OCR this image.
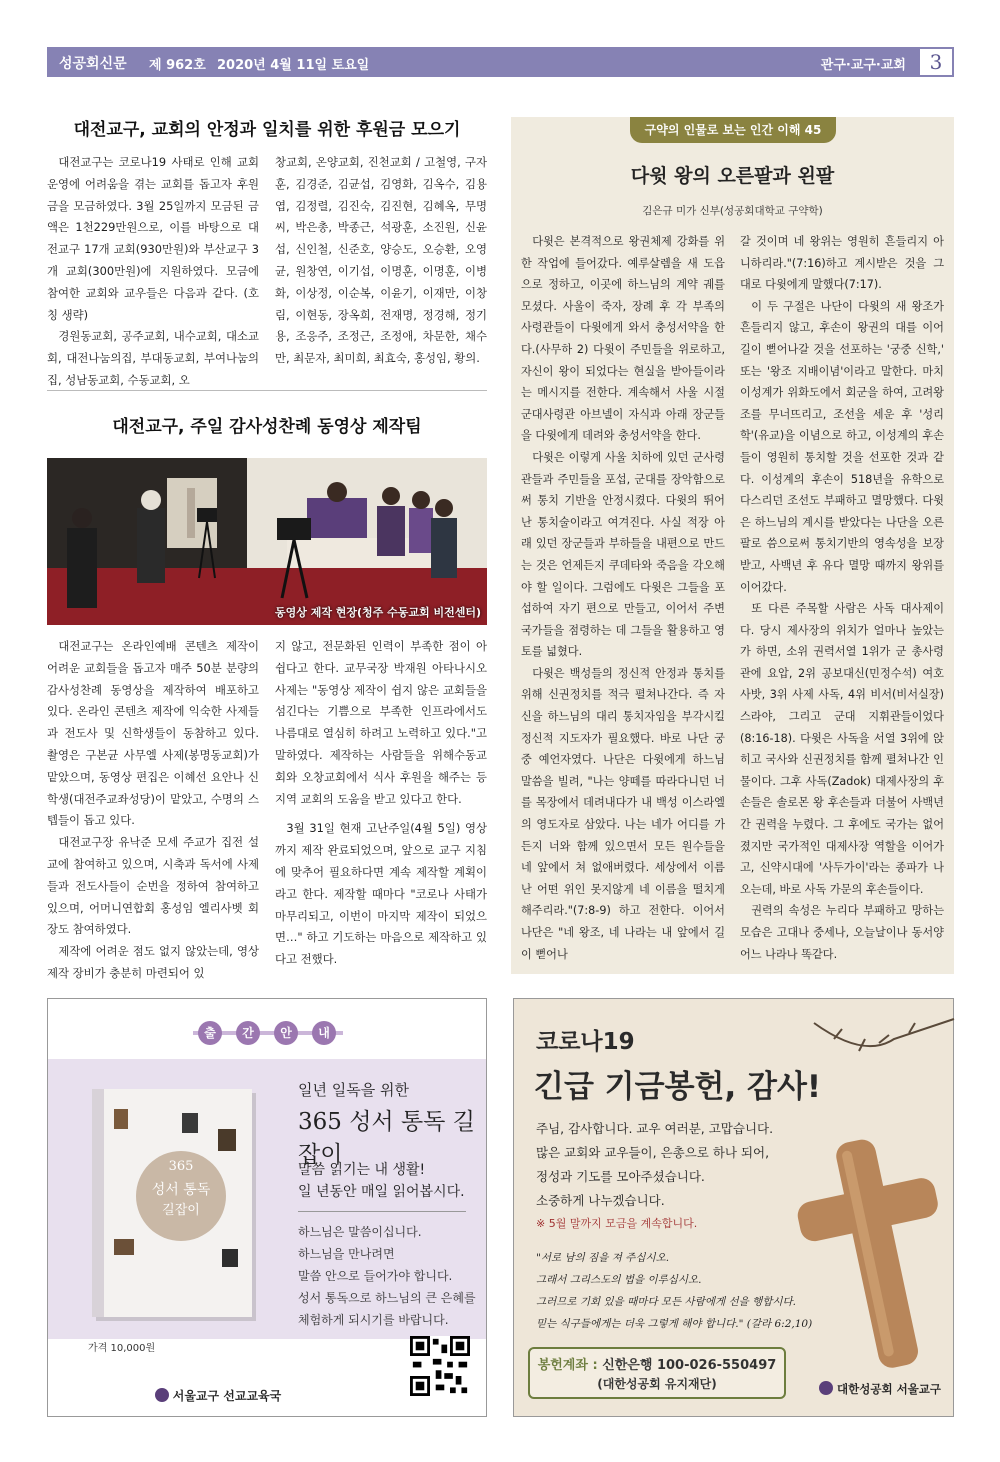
성공회신문 제 962호 2020년 4월 11일 토요일	관구·교구·교회	3
대전교구, 교회의 안정과 일치를 위한 후원금 모으기

대전교구는 코로나19 사태로 인해 교회 운영에 어려움을 겪는 교회를 돕고자 후원금을 모금하였다. 3월 25일까지 모금된 금액은 1천229만원으로, 이를 바탕으로 대전교구 17개 교회(930만원)와 부산교구 3개 교회(300만원)에 지원하였다. 모금에 참여한 교회와 교우들은 다음과 같다. (호칭 생략)

경원동교회, 공주교회, 내수교회, 대소교회, 대전나눔의집, 부대동교회, 부여나눔의집, 성남동교회, 수동교회, 오

창교회, 온양교회, 진천교회 / 고철영, 구자훈, 김경준, 김균섭, 김영화, 김옥수, 김용엽, 김정렬, 김진숙, 김진현, 김혜옥, 무명씨, 박은총, 박종근, 석광훈, 소진원, 신윤섭, 신인철, 신준호, 양승도, 오승환, 오영균, 원창연, 이기섭, 이명훈, 이명훈, 이병화, 이상정, 이순복, 이윤기, 이재만, 이창림, 이현동, 장옥희, 전재명, 정경해, 정기용, 조응주, 조정근, 조정애, 차문한, 채수만, 최문자, 최미희, 최효숙, 홍성임, 황의.

대전교구, 주일 감사성찬례 동영상 제작팀
동영상 제작 현장(청주 수동교회 비전센터)

대전교구는 온라인예배 콘텐츠 제작이 어려운 교회들을 돕고자 매주 50분 분량의 감사성찬례 동영상을 제작하여 배포하고 있다. 온라인 콘텐츠 제작에 익숙한 사제들과 전도사 및 신학생들이 동참하고 있다. 촬영은 구본균 사무엘 사제(봉명동교회)가 맡았으며, 동영상 편집은 이혜선 요안나 신학생(대전주교좌성당)이 맡았고, 수명의 스텝들이 돕고 있다.

대전교구장 유낙준 모세 주교가 집전 설교에 참여하고 있으며, 시축과 독서에 사제들과 전도사들이 순번을 정하여 참여하고 있으며, 어머니연합회 홍성임 엘리사벳 회장도 참여하였다.

제작에 어려운 점도 없지 않았는데, 영상 제작 장비가 충분히 마련되어 있

지 않고, 전문화된 인력이 부족한 점이 아쉽다고 한다. 교무국장 박재원 아타나시오 사제는 "동영상 제작이 쉽지 않은 교회들을 섬긴다는 기쁨으로 부족한 인프라에서도 나름대로 열심히 하려고 노력하고 있다."고 말하였다. 제작하는 사람들을 위해수동교회와 오창교회에서 식사 후원을 해주는 등 지역 교회의 도움을 받고 있다고 한다.

3월 31일 현재 고난주일(4월 5일) 영상까지 제작 완료되었으며, 앞으로 교구 지침에 맞추어 필요하다면 계속 제작할 계획이라고 한다. 제작할 때마다 "코로나 사태가 마무리되고, 이번이 마지막 제작이 되었으면…" 하고 기도하는 마음으로 제작하고 있다고 전했다.

구약의 인물로 보는 인간 이해 45
다윗 왕의 오른팔과 왼팔
김은규 미가 신부(성공회대학교 구약학)

다윗은 본격적으로 왕권체제 강화를 위한 작업에 들어갔다. 예루살렘을 새 도읍으로 정하고, 이곳에 하느님의 계약 궤를 모셨다. 사울이 죽자, 장례 후 각 부족의 사령관들이 다윗에게 와서 충성서약을 한다.(사무하 2) 다윗이 주민들을 위로하고, 자신이 왕이 되었다는 현실을 받아들이라는 메시지를 전한다. 계속해서 사울 시절 군대사령관 아브넬이 자식과 아래 장군들을 다윗에게 데려와 충성서약을 한다.

다윗은 이렇게 사울 치하에 있던 군사령관들과 주민들을 포섭, 군대를 장악함으로써 통치 기반을 안정시켰다. 다윗의 뛰어난 통치술이라고 여겨진다. 사실 적장 아래 있던 장군들과 부하들을 내편으로 만드는 것은 언제든지 쿠데타와 죽음을 각오해야 할 일이다. 그럼에도 다윗은 그들을 포섭하여 자기 편으로 만들고, 이어서 주변 국가들을 점령하는 데 그들을 활용하고 영토를 넓혔다.

다윗은 백성들의 정신적 안정과 통치를 위해 신권정치를 적극 펼쳐나간다. 즉 자신을 하느님의 대리 통치자임을 부각시킬 정신적 지도자가 필요했다. 바로 나단 궁중 예언자였다. 나단은 다윗에게 하느님 말씀을 빌려, "나는 양떼를 따라다니던 너를 목장에서 데려내다가 내 백성 이스라엘의 영도자로 삼았다. 나는 네가 어디를 가든지 너와 함께 있으면서 모든 원수들을 네 앞에서 쳐 없애버렸다. 세상에서 이름난 어떤 위인 못지않게 네 이름을 떨치게 해주리라."(7:8-9) 하고 전한다. 이어서 나단은 "네 왕조, 네 나라는 내 앞에서 길이 뻗어나

갈 것이며 네 왕위는 영원히 흔들리지 아니하리라."(7:16)하고 계시받은 것을 그대로 다윗에게 말했다(7:17).

이 두 구절은 나단이 다윗의 새 왕조가 흔들리지 않고, 후손이 왕권의 대를 이어 길이 뻗어나갈 것을 선포하는 '궁중 신학,' 또는 '왕조 지배이념'이라고 말한다. 마치 이성계가 위화도에서 회군을 하여, 고려왕조를 무너뜨리고, 조선을 세운 후 '성리학'(유교)을 이념으로 하고, 이성계의 후손들이 영원히 통치할 것을 선포한 것과 같다. 이성계의 후손이 518년을 유학으로 다스리던 조선도 부패하고 멸망했다. 다윗은 하느님의 계시를 받았다는 나단을 오른팔로 씀으로써 통치기반의 영속성을 보장받고, 사백년 후 유다 멸망 때까지 왕위를 이어갔다.

또 다른 주목할 사람은 사독 대사제이다. 당시 제사장의 위치가 얼마나 높았는가 하면, 소위 권력서열 1위가 군 총사령관에 요압, 2위 공보대신(민정수석) 여호사밧, 3위 사제 사독, 4위 비서(비서실장) 스라야, 그리고 군대 지휘관들이었다(8:16-18). 다윗은 사독을 서열 3위에 앉히고 국사와 신권정치를 함께 펼쳐나간 인물이다. 그후 사독(Zadok) 대제사장의 후손들은 솔로몬 왕 후손들과 더불어 사백년간 권력을 누렸다. 그 후에도 국가는 없어졌지만 국가적인 대제사장 역할을 이어가고, 신약시대에 '사두가이'라는 종파가 나오는데, 바로 사독 가문의 후손들이다.

권력의 속성은 누리다 부패하고 망하는 모습은 고대나 중세나, 오늘날이나 동서양 어느 나라나 똑같다.

출	간	안	내
365
성서 통독
길잡이
일년 일독을 위한
365 성서 통독 길잡이
말씀 읽기는 내 생활!
일 년동안 매일 읽어봅시다.
하느님은 말씀이십니다.
하느님을 만나려면
말씀 안으로 들어가야 합니다.
성서 통독으로 하느님의 큰 은혜를
체험하게 되시기를 바랍니다.
가격 10,000원
서울교구 선교교육국
코로나19
긴급 기금봉헌, 감사!
주님, 감사합니다. 교우 여러분, 고맙습니다.
많은 교회와 교우들이, 은총으로 하나 되어,
정성과 기도를 모아주셨습니다.
소중하게 나누겠습니다.
※ 5월 말까지 모금을 계속합니다.
"서로 남의 짐을 져 주십시오.
그래서 그리스도의 법을 이루십시오.
그러므로 기회 있을 때마다 모든 사람에게 선을 행합시다.
믿는 식구들에게는 더욱 그렇게 해야 합니다." (갈라 6:2,10)
봉헌계좌 : 신한은행 100-026-550497
(대한성공회 유지재단)	대한성공회 서울교구
